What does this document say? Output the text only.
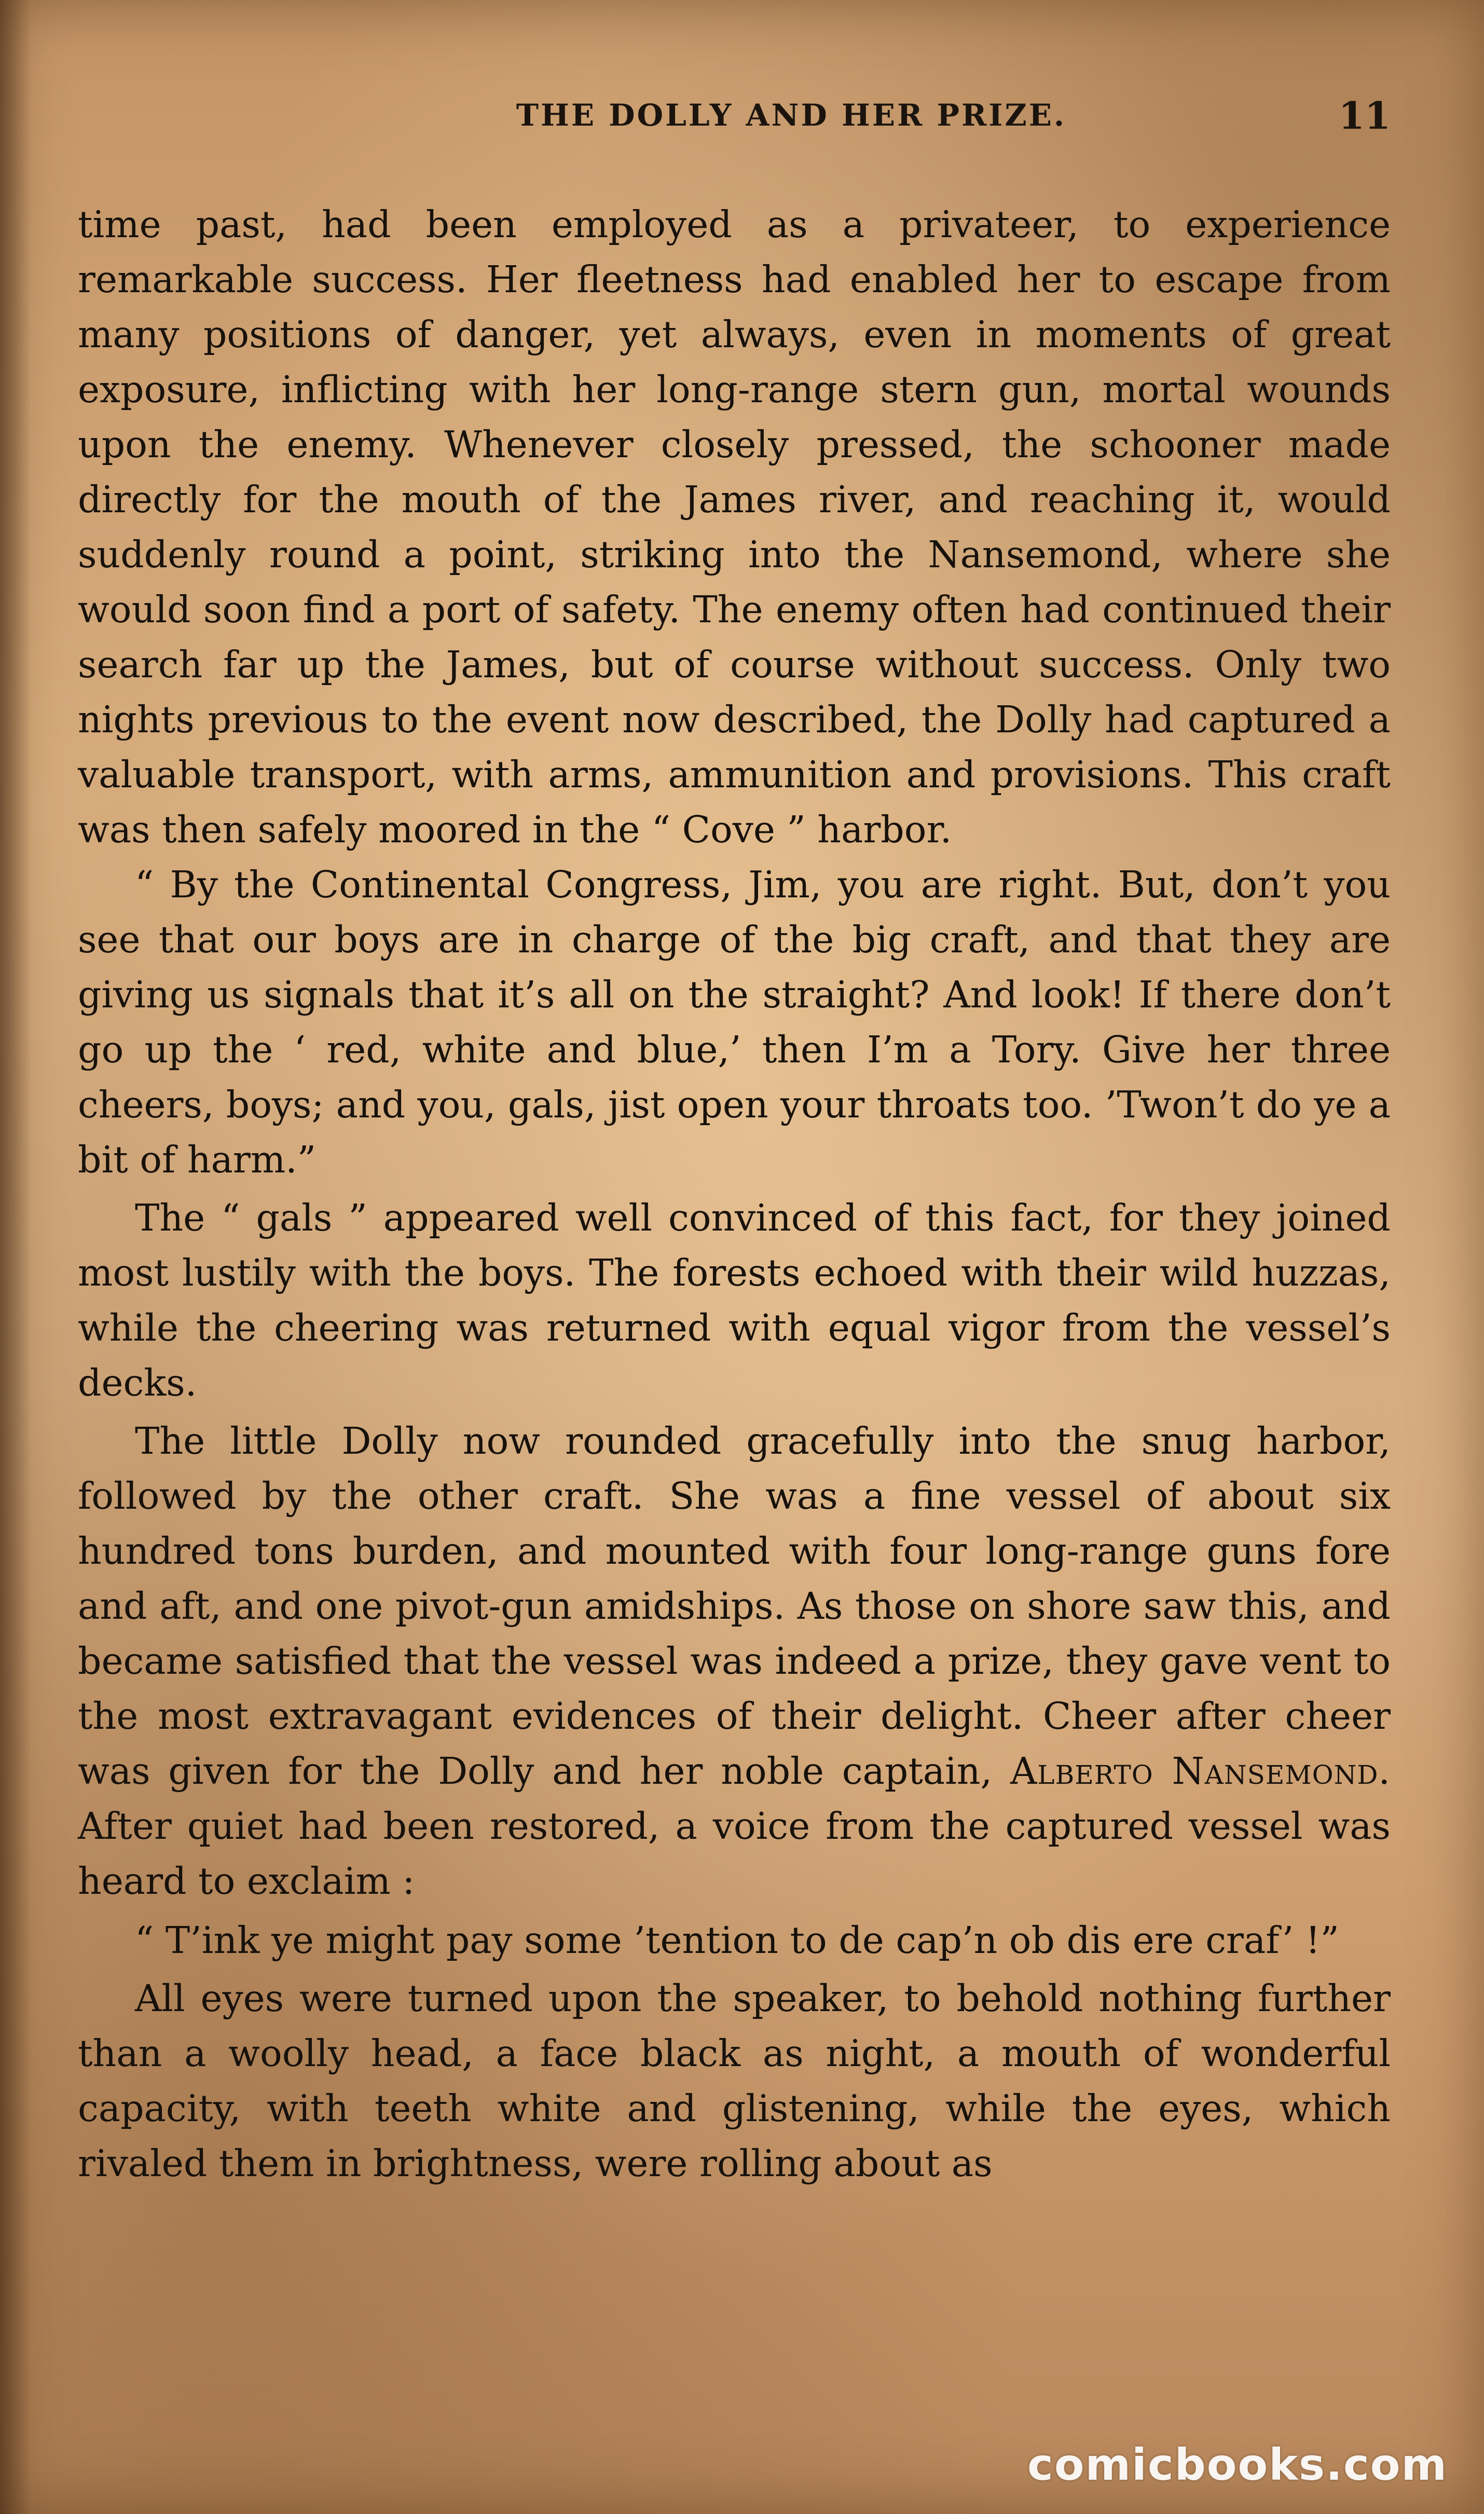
THE DOLLY AND HER PRIZE.	11

time past, had been employed as a privateer, to experience remarkable success. Her fleetness had enabled her to escape from many positions of danger, yet always, even in moments of great exposure, inflicting with her long-range stern gun, mortal wounds upon the enemy. Whenever closely pressed, the schooner made directly for the mouth of the James river, and reaching it, would suddenly round a point, striking into the Nansemond, where she would soon find a port of safety. The enemy often had continued their search far up the James, but of course without success. Only two nights previous to the event now described, the Dolly had captured a valuable transport, with arms, ammunition and provisions. This craft was then safely moored in the “ Cove ” harbor.

“ By the Continental Congress, Jim, you are right. But, don’t you see that our boys are in charge of the big craft, and that they are giving us signals that it’s all on the straight? And look! If there don’t go up the ‘ red, white and blue,’ then I’m a Tory. Give her three cheers, boys; and you, gals, jist open your throats too. ’Twon’t do ye a bit of harm.”

The “ gals ” appeared well convinced of this fact, for they joined most lustily with the boys. The forests echoed with their wild huzzas, while the cheering was returned with equal vigor from the vessel’s decks.

The little Dolly now rounded gracefully into the snug harbor, followed by the other craft. She was a fine vessel of about six hundred tons burden, and mounted with four long-range guns fore and aft, and one pivot-gun amidships. As those on shore saw this, and became satisfied that the vessel was indeed a prize, they gave vent to the most extravagant evidences of their delight. Cheer after cheer was given for the Dolly and her noble captain, Alberto Nansemond. After quiet had been restored, a voice from the captured vessel was heard to exclaim :

“ T’ink ye might pay some ’tention to de cap’n ob dis ere craf’ !”

All eyes were turned upon the speaker, to behold nothing further than a woolly head, a face black as night, a mouth of wonderful capacity, with teeth white and glistening, while the eyes, which rivaled them in brightness, were rolling about as

comicbooks.com
